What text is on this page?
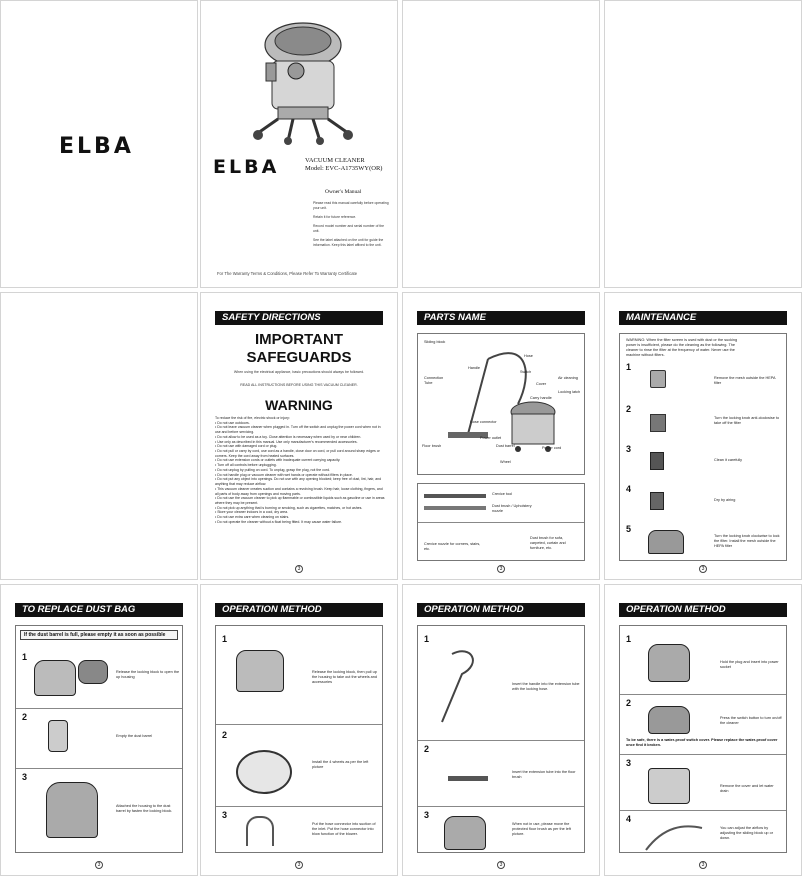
ELBA
ELBA	VACUUM CLEANER
Model: EVC-A1735WY(OR)
Owner's Manual
Please read this manual carefully before operating your unit.
Retain it for future reference.
Record model number and serial number of the unit.
See the label attached on the unit for guide the information. Keep this label affixed to the unit.
For The Warranty Terms & Conditions, Please Refer To Warranty Certificate
SAFETY DIRECTIONS
IMPORTANT
SAFEGUARDS
When using the electrical appliance, basic precautions should always be followed.
READ ALL INSTRUCTIONS BEFORE USING THIS VACUUM CLEANER.
WARNING
To reduce the risk of fire, electric shock or injury:
• Do not use outdoors.
• Do not leave vacuum cleaner when plugged in. Turn off the switch and unplug the power cord when not in use and before servicing.
• Do not allow to be used as a toy. Close attention is necessary when used by or near children.
• Use only as described in this manual. Use only manufacturer's recommended accessories.
• Do not use with damaged cord or plug.
• Do not pull or carry by cord, use cord as a handle, close door on cord, or pull cord around sharp edges or corners. Keep the cord away from heated surfaces.
• Do not use extension cords or outlets with inadequate current carrying capacity.
• Turn off all controls before unplugging.
• Do not unplug by pulling on cord. To unplug, grasp the plug, not the cord.
• Do not handle plug or vacuum cleaner with wet hands or operate without filters in place.
• Do not put any object into openings. Do not use with any opening blocked; keep free of dust, lint, hair, and anything that may reduce airflow.
• This vacuum cleaner creates suction and contains a revolving brush. Keep hair, loose clothing, fingers, and all parts of body away from openings and moving parts.
• Do not use the vacuum cleaner to pick up flammable or combustible liquids such as gasoline or use in areas where they may be present.
• Do not pick up anything that is burning or smoking, such as cigarettes, matches, or hot ashes.
• Store your cleaner indoors in a cool, dry area.
• Do not use extra care when cleaning on stairs.
• Do not operate the cleaner without a float being fitted. It may cause water failure.
3
PARTS NAME
Sliding block
Hose
Handle
Switch
Air cleaning
Cover
Connection Tube
Locking latch
Carry handle
Hose connector
Power outlet
Floor brush	Dust barrel
Wheel
Power cord
Crevice tool
Dust brush / Upholstery nozzle
Crevice nozzle for corners, stairs, etc.
Dust brush for sofa, carpeted, curtain and furniture, etc.
3
MAINTENANCE
WARNING: When the filter screen is used with dust or the sucking power is insufficient, please do the cleaning as the following. The cleaner to rinse the filter at the frequency of water. Never use the machine without filters.
1
Remove the mesh outside the HEPA filter
2
Turn the locking knob anti-clockwise to take off the filter
3
Clean it carefully
4
Dry by airing
5
Turn the locking knob clockwise to lock the filter. Install the mesh outside the HEPA filter
3
TO REPLACE DUST BAG
If the dust barrel is full, please empty it as soon as possible
1
Release the locking block to open the up housing
2
Empty the dust barrel
3
Attached the housing to the dust barrel by fasten the locking block.
3
OPERATION METHOD
1
Release the locking block, then pull up the housing to take out the wheels and accessories
2
Install the 4 wheels as per the left picture
3
Put the hose connector into suction of the inlet. Put the hose connector into blow function of the blower.
3
OPERATION METHOD
1
Insert the handle into the extension tube with the locking hose.
2
Insert the extension tube into the floor brush
3
When not in use, please move the protected floor brush as per the left picture.
3
OPERATION METHOD
1
Hold the plug and insert into power socket
2
Press the switch button to turn on/off the cleaner
To be safe, there is a water-proof switch cover. Please replace the water-proof cover once find it broken.
3
Remove the cover and let water drain
4
You can adjust the airflow by adjusting the sliding block up or down.
3
